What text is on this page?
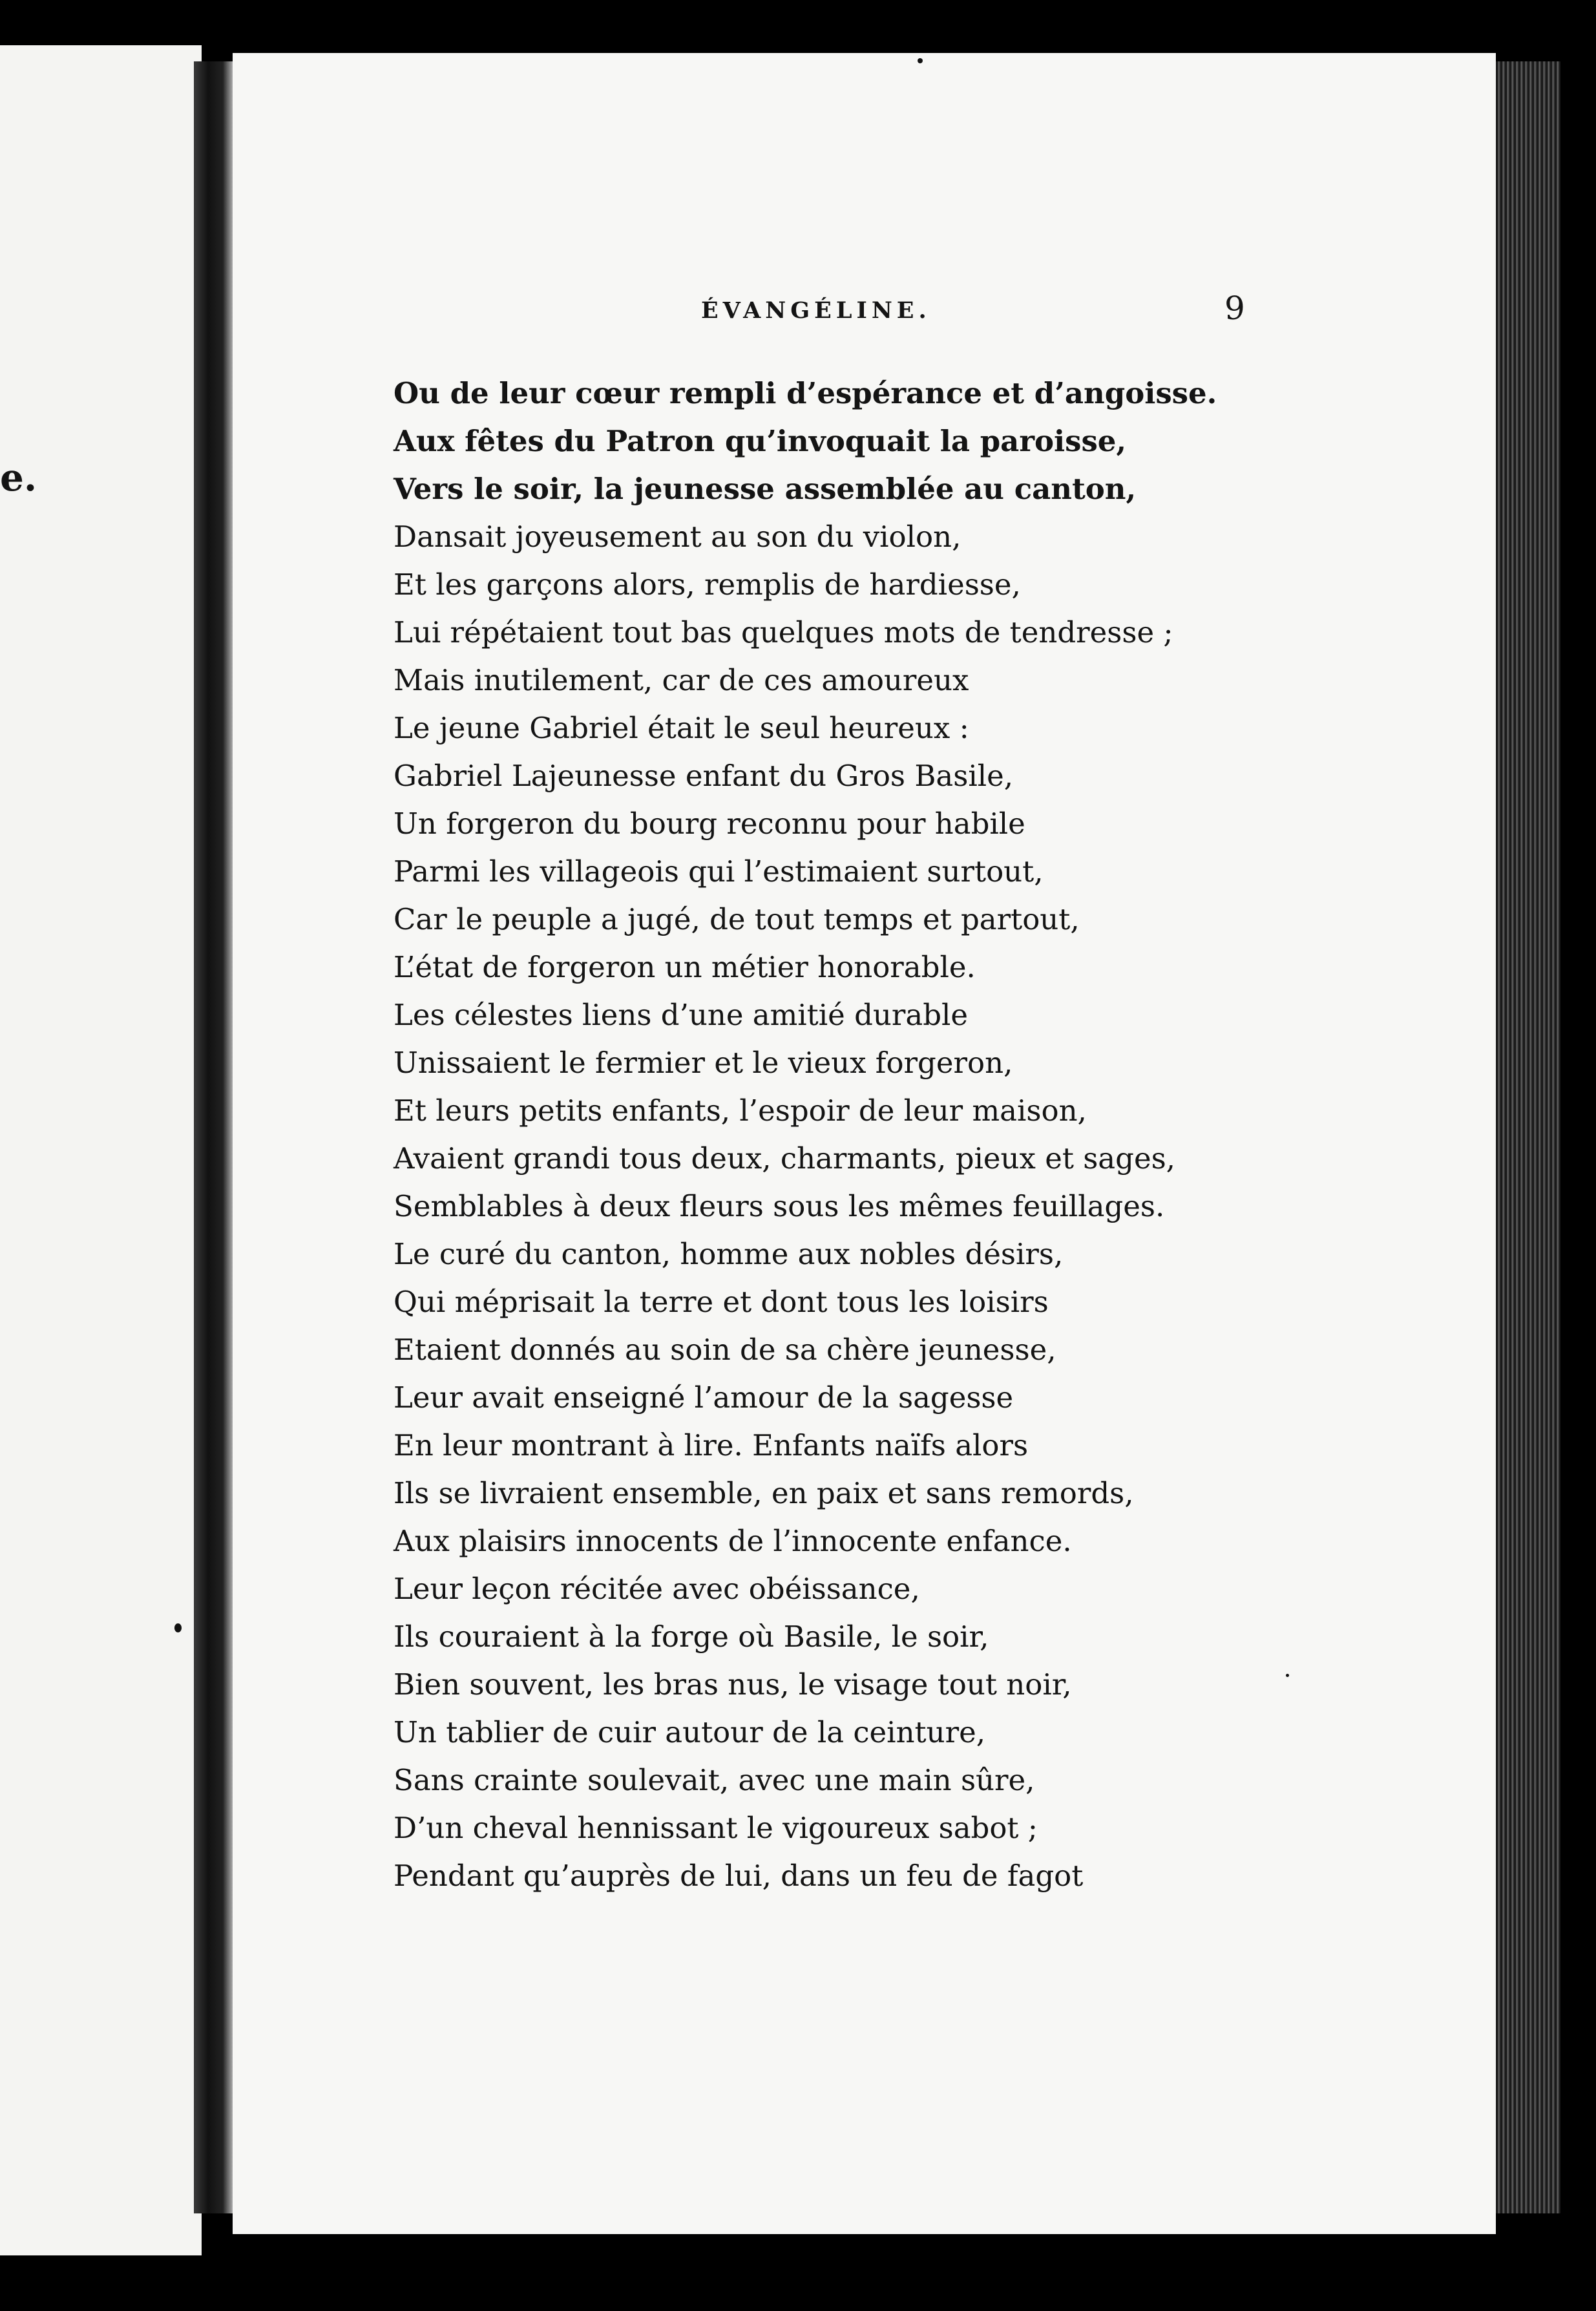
e.
ÉVANGÉLINE.	9
Ou de leur cœur rempli d’espérance et d’angoisse.
Aux fêtes du Patron qu’invoquait la paroisse,
Vers le soir, la jeunesse assemblée au canton,
Dansait joyeusement au son du violon,
Et les garçons alors, remplis de hardiesse,
Lui répétaient tout bas quelques mots de tendresse ;
Mais inutilement, car de ces amoureux
Le jeune Gabriel était le seul heureux :
Gabriel Lajeunesse enfant du Gros Basile,
Un forgeron du bourg reconnu pour habile
Parmi les villageois qui l’estimaient surtout,
Car le peuple a jugé, de tout temps et partout,
L’état de forgeron un métier honorable.
Les célestes liens d’une amitié durable
Unissaient le fermier et le vieux forgeron,
Et leurs petits enfants, l’espoir de leur maison,
Avaient grandi tous deux, charmants, pieux et sages,
Semblables à deux fleurs sous les mêmes feuillages.
Le curé du canton, homme aux nobles désirs,
Qui méprisait la terre et dont tous les loisirs
Etaient donnés au soin de sa chère jeunesse,
Leur avait enseigné l’amour de la sagesse
En leur montrant à lire. Enfants naïfs alors
Ils se livraient ensemble, en paix et sans remords,
Aux plaisirs innocents de l’innocente enfance.
Leur leçon récitée avec obéissance,
Ils couraient à la forge où Basile, le soir,
Bien souvent, les bras nus, le visage tout noir,
Un tablier de cuir autour de la ceinture,
Sans crainte soulevait, avec une main sûre,
D’un cheval hennissant le vigoureux sabot ;
Pendant qu’auprès de lui, dans un feu de fagot
